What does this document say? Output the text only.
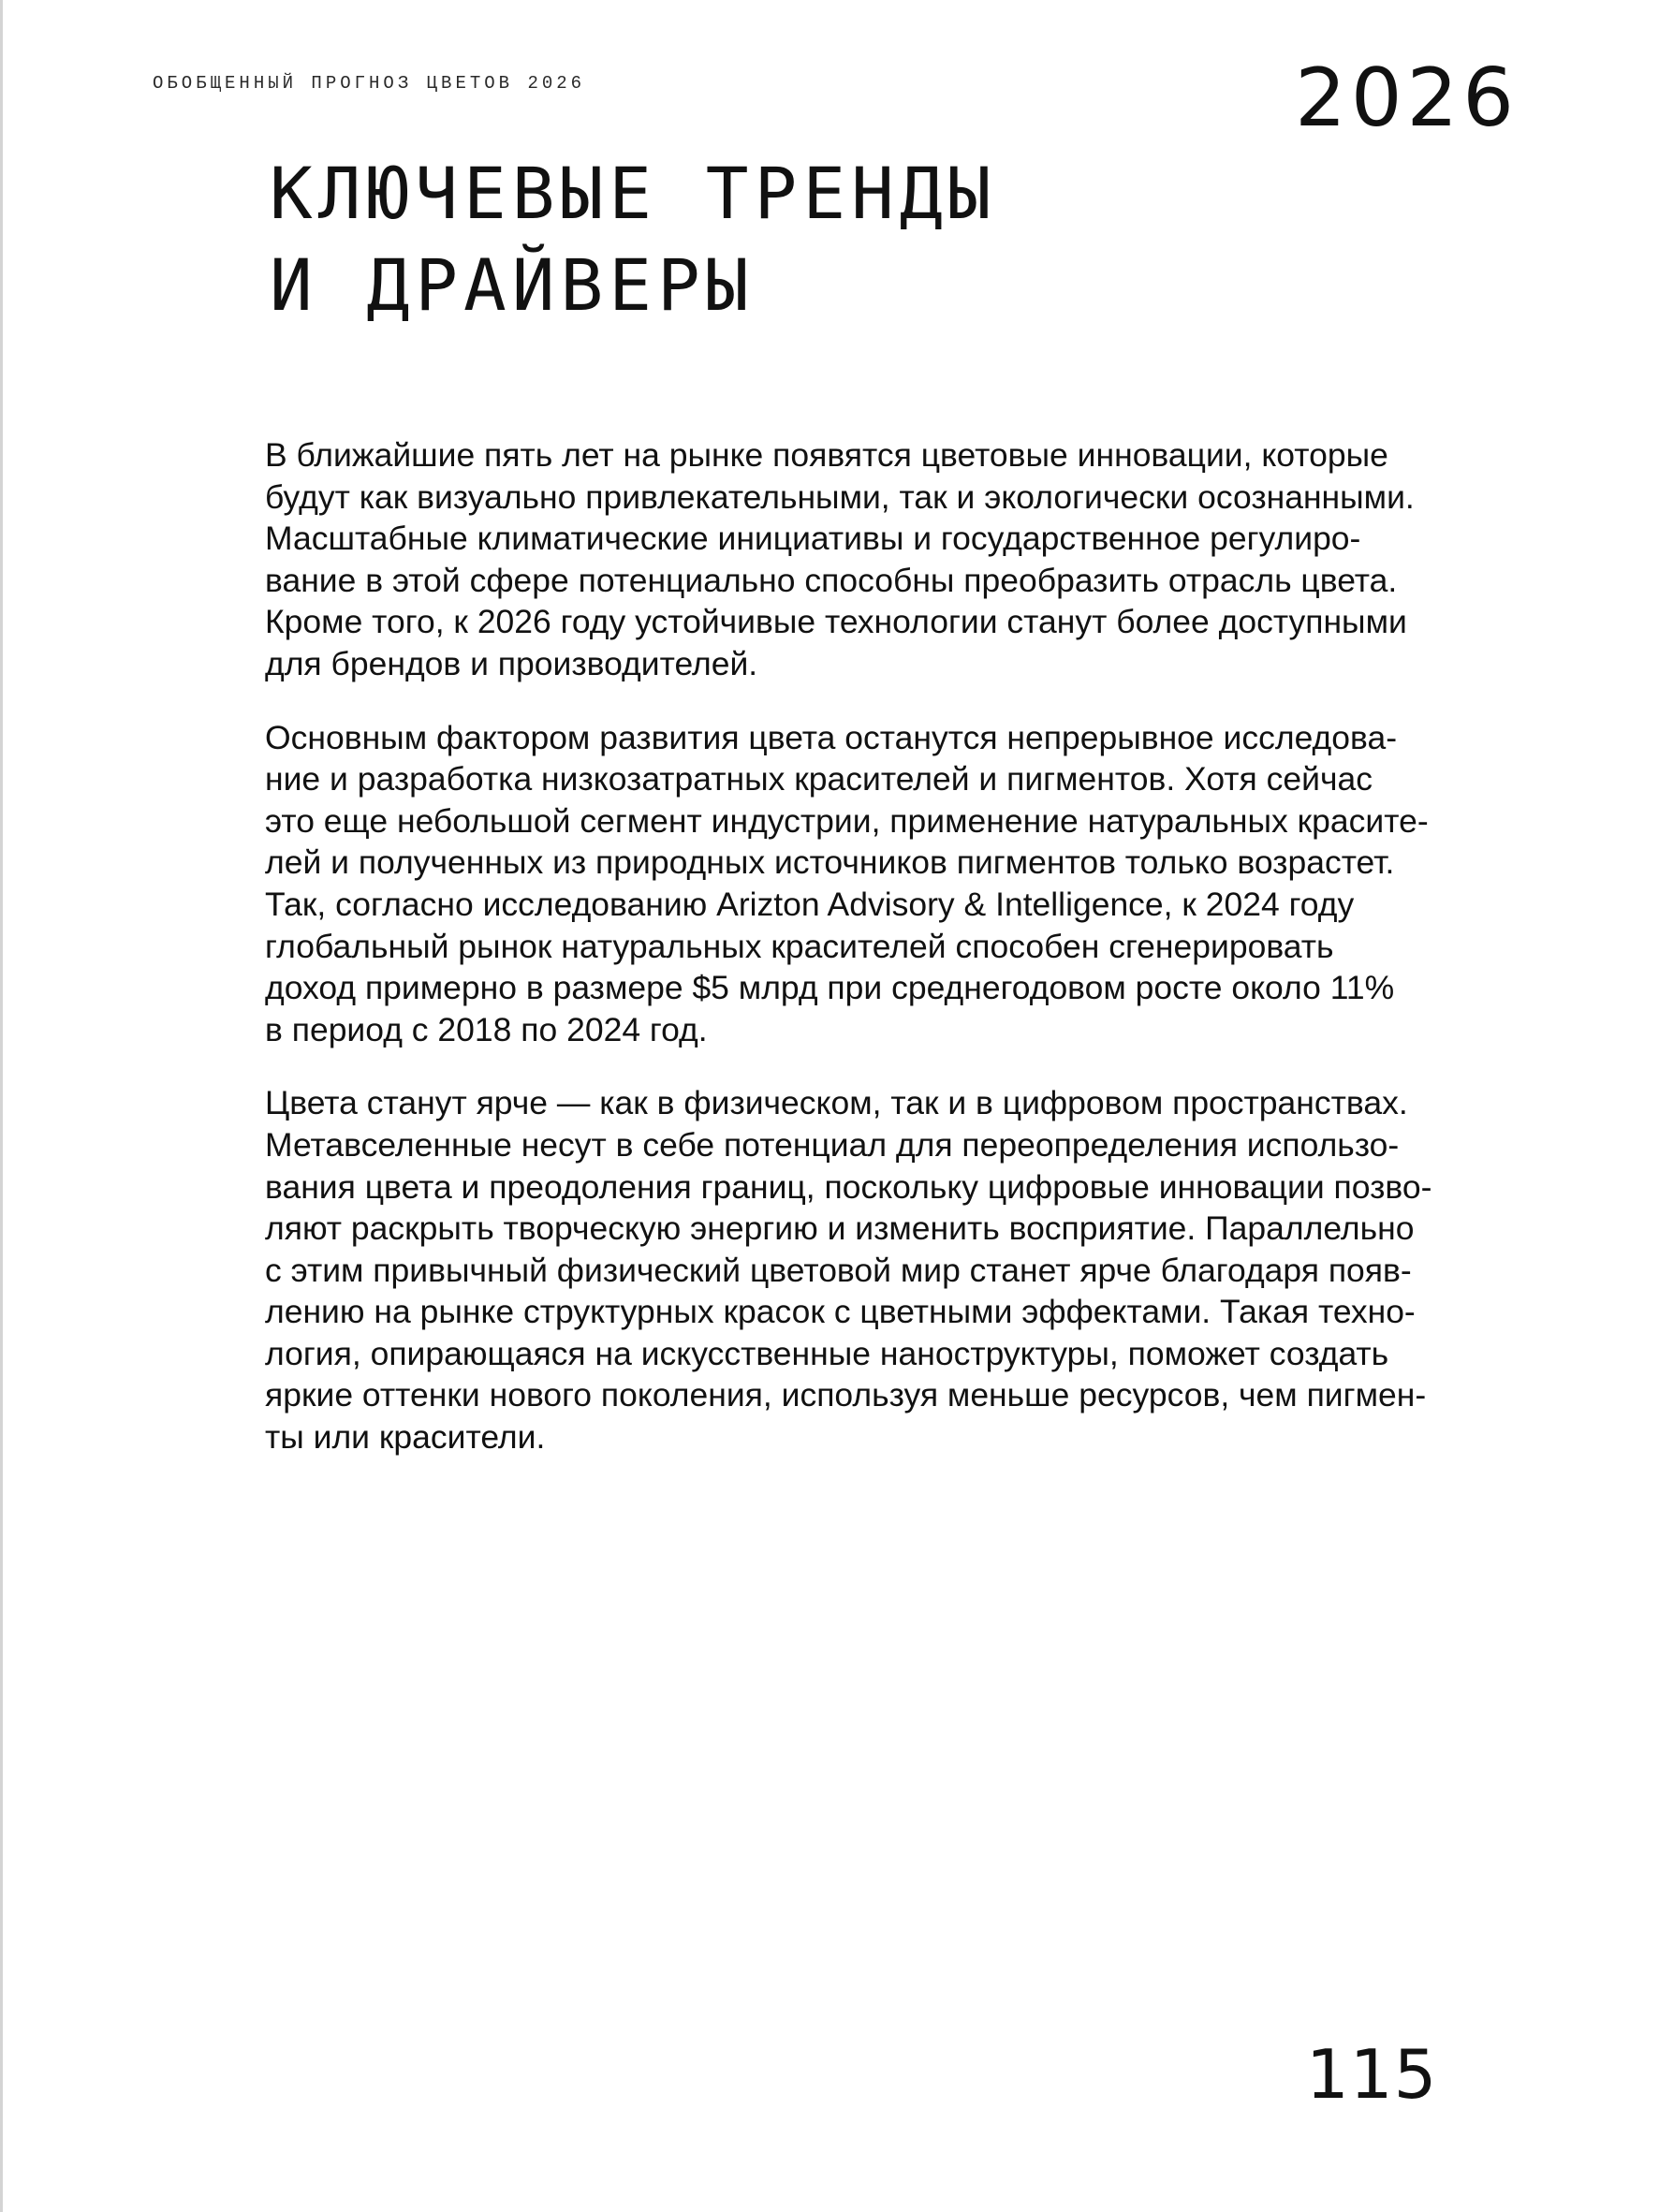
ОБОБЩЕННЫЙ ПРОГНОЗ ЦВЕТОВ 2026	2026
КЛЮЧЕВЫЕ ТРЕНДЫ
И ДРАЙВЕРЫ

В ближайшие пять лет на рынке появятся цветовые инновации, которые
будут как визуально привлекательными, так и экологически осознанными.
Масштабные климатические инициативы и государственное регулиро-
вание в этой сфере потенциально способны преобразить отрасль цвета.
Кроме того, к 2026 году устойчивые технологии станут более доступными
для брендов и производителей.

Основным фактором развития цвета останутся непрерывное исследова-
ние и разработка низкозатратных красителей и пигментов. Хотя сейчас
это еще небольшой сегмент индустрии, применение натуральных красите-
лей и полученных из природных источников пигментов только возрастет.
Так, согласно исследованию Arizton Advisory & Intelligence, к 2024 году
глобальный рынок натуральных красителей способен сгенерировать
доход примерно в размере $5 млрд при среднегодовом росте около 11%
в период с 2018 по 2024 год.

Цвета станут ярче — как в физическом, так и в цифровом пространствах.
Метавселенные несут в себе потенциал для переопределения использо-
вания цвета и преодоления границ, поскольку цифровые инновации позво-
ляют раскрыть творческую энергию и изменить восприятие. Параллельно
с этим привычный физический цветовой мир станет ярче благодаря появ-
лению на рынке структурных красок с цветными эффектами. Такая техно-
логия, опирающаяся на искусственные наноструктуры, поможет создать
яркие оттенки нового поколения, используя меньше ресурсов, чем пигмен-
ты или красители.

115
